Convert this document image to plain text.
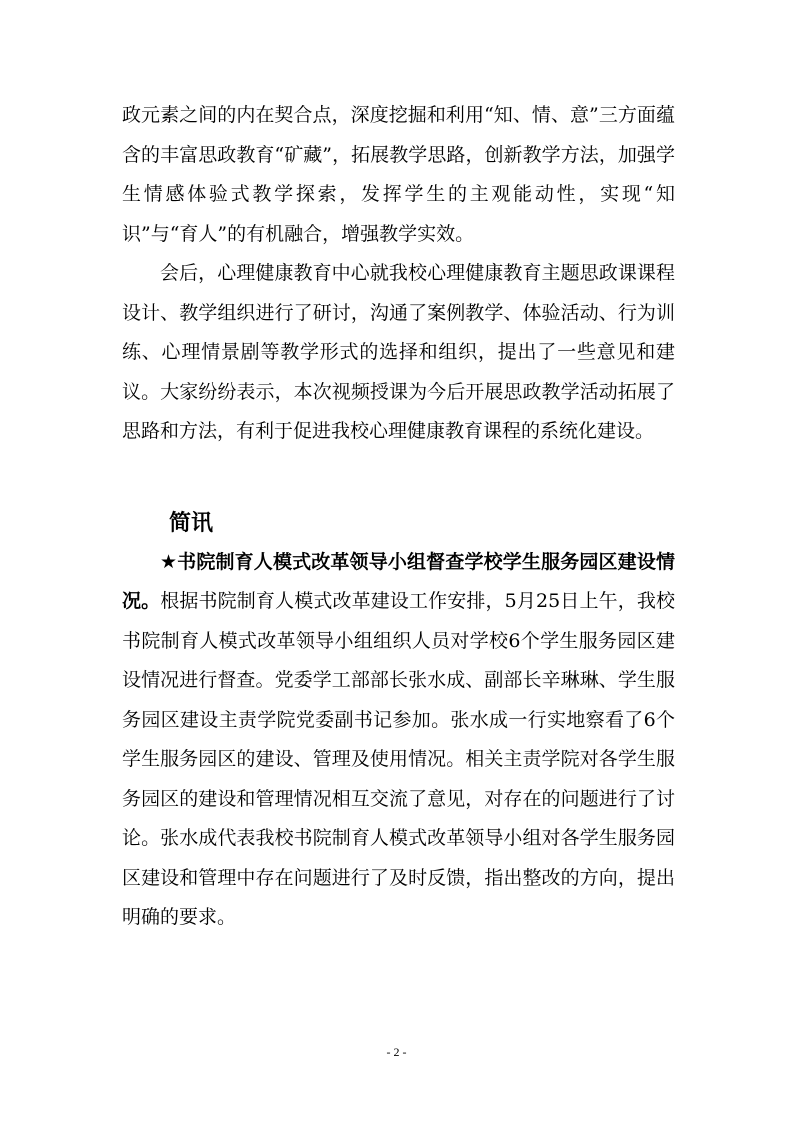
政元素之间的内在契合点，深度挖掘和利用“知、情、意”三方面蕴含的丰富思政教育“矿藏”，拓展教学思路，创新教学方法，加强学生情感体验式教学探索，发挥学生的主观能动性，实现“知识”与“育人”的有机融合，增强教学实效。

会后，心理健康教育中心就我校心理健康教育主题思政课课程设计、教学组织进行了研讨，沟通了案例教学、体验活动、行为训练、心理情景剧等教学形式的选择和组织，提出了一些意见和建议。大家纷纷表示，本次视频授课为今后开展思政教学活动拓展了思路和方法，有利于促进我校心理健康教育课程的系统化建设。

简讯

★书院制育人模式改革领导小组督查学校学生服务园区建设情况。根据书院制育人模式改革建设工作安排，5月25日上午，我校书院制育人模式改革领导小组组织人员对学校6个学生服务园区建设情况进行督查。党委学工部部长张水成、副部长辛琳琳、学生服务园区建设主责学院党委副书记参加。张水成一行实地察看了6个学生服务园区的建设、管理及使用情况。相关主责学院对各学生服务园区的建设和管理情况相互交流了意见，对存在的问题进行了讨论。张水成代表我校书院制育人模式改革领导小组对各学生服务园区建设和管理中存在问题进行了及时反馈，指出整改的方向，提出明确的要求。

- 2 -
